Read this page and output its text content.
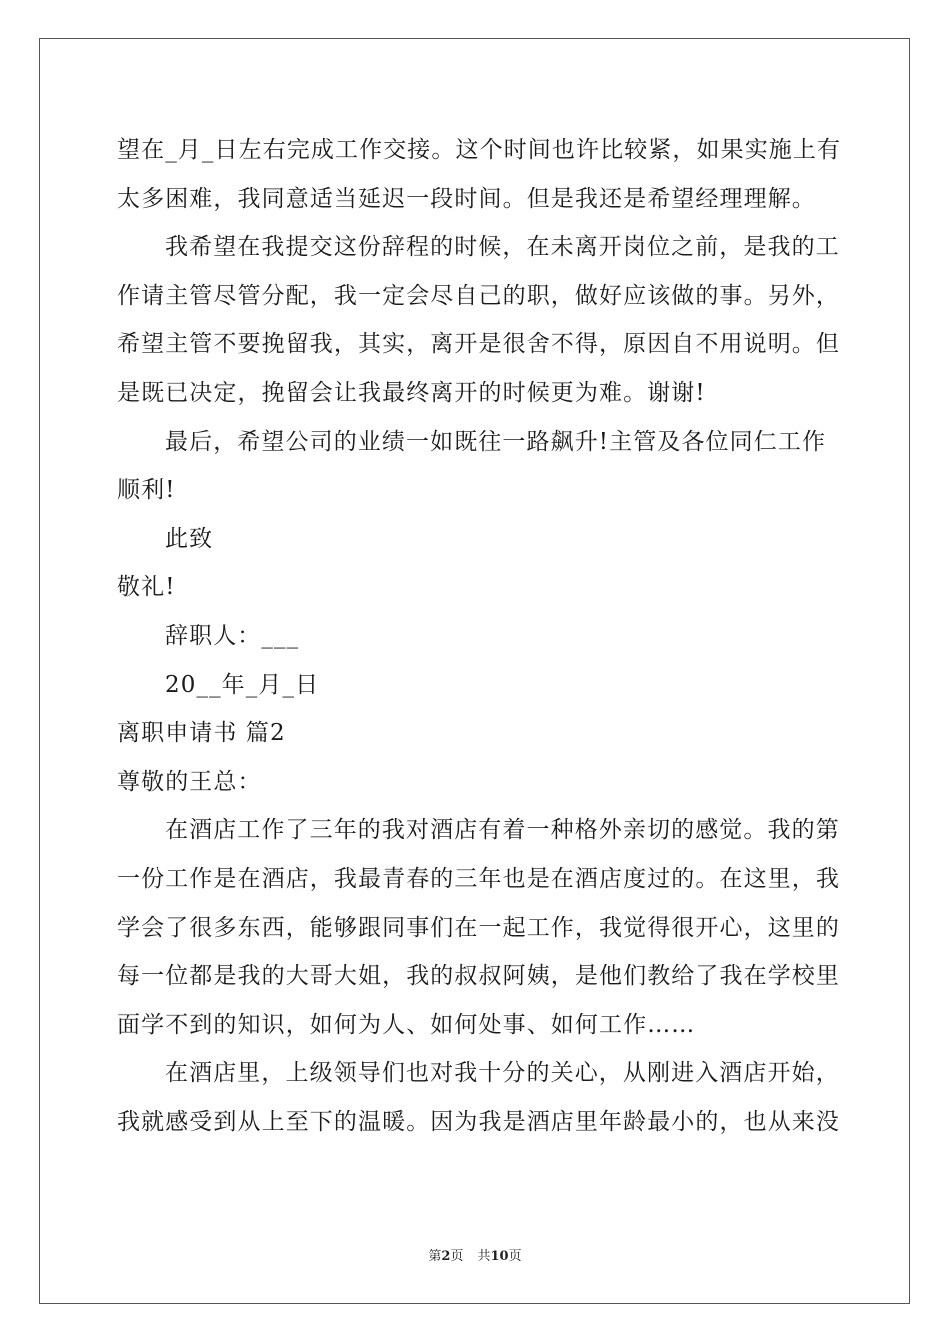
望在_月_日左右完成工作交接。这个时间也许比较紧，如果实施上有
太多困难，我同意适当延迟一段时间。但是我还是希望经理理解。
我希望在我提交这份辞程的时候，在未离开岗位之前，是我的工
作请主管尽管分配，我一定会尽自己的职，做好应该做的事。另外，
希望主管不要挽留我，其实，离开是很舍不得，原因自不用说明。但
是既已决定，挽留会让我最终离开的时候更为难。谢谢!
最后，希望公司的业绩一如既往一路飙升!主管及各位同仁工作
顺利!
此致
敬礼!
辞职人：___
20__年_月_日
离职申请书 篇2
尊敬的王总：
在酒店工作了三年的我对酒店有着一种格外亲切的感觉。我的第
一份工作是在酒店，我最青春的三年也是在酒店度过的。在这里，我
学会了很多东西，能够跟同事们在一起工作，我觉得很开心，这里的
每一位都是我的大哥大姐，我的叔叔阿姨，是他们教给了我在学校里
面学不到的知识，如何为人、如何处事、如何工作……
在酒店里，上级领导们也对我十分的关心，从刚进入酒店开始，
我就感受到从上至下的温暖。因为我是酒店里年龄最小的，也从来没
第2页 共10页
